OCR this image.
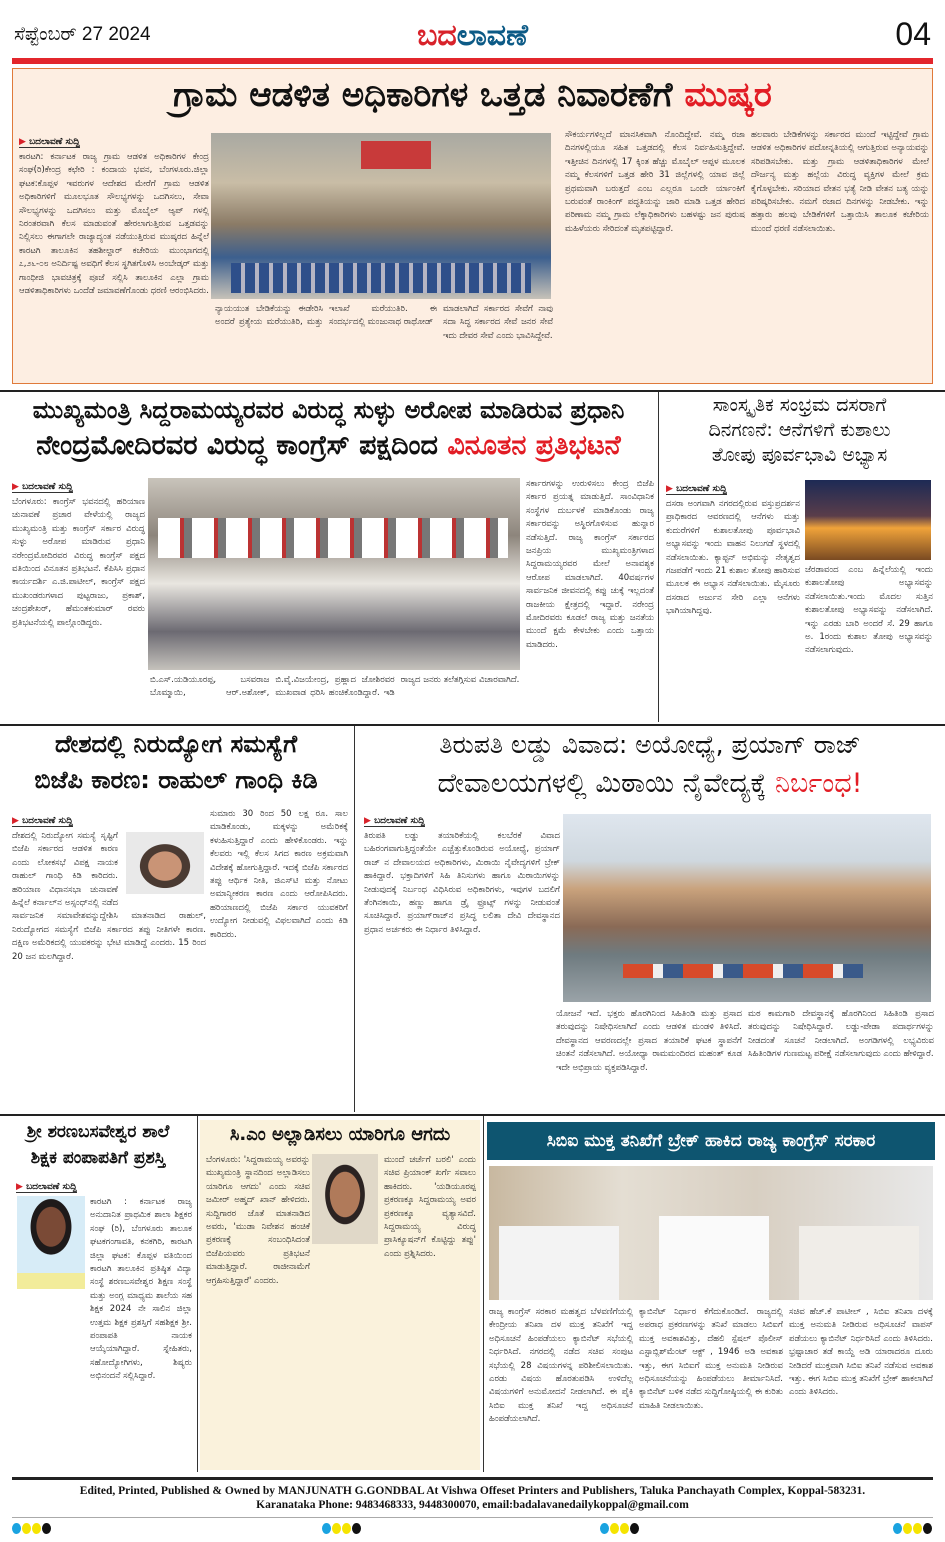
ಸೆಪ್ಟೆಂಬರ್ 27 2024	ಬದಲಾವಣೆ	04
ಗ್ರಾಮ ಆಡಳಿತ ಅಧಿಕಾರಿಗಳ ಒತ್ತಡ ನಿವಾರಣೆಗೆ ಮುಷ್ಕರ
▶ ಬದಲಾವಣೆ ಸುದ್ದಿ
ಕಾರಟಗಿ: ಕರ್ನಾಟಕ ರಾಜ್ಯ ಗ್ರಾಮ ಆಡಳಿತ ಅಧಿಕಾರಿಗಳ ಕೇಂದ್ರ ಸಂಘ(ರಿ)ಕೇಂದ್ರ ಕಛೇರಿ : ಕಂದಾಯ ಭವನ, ಬೆಂಗಳೂರು.ಜಿಲ್ಲಾ ಘಟಕ:ಕೊಪ್ಪಳ ಇವರುಗಳ ಆದೇಶದ ಮೇರೆಗೆ ಗ್ರಾಮ ಆಡಳಿತ ಅಧಿಕಾರಿಗಳಿಗೆ ಮೂಲಭೂತ ಸೌಲಭ್ಯಗಳನ್ನು ಒದಗಿಸಲು, ಸೇವಾ ಸೌಲಭ್ಯಗಳನ್ನು ಒದಗಿಸಲು ಮತ್ತು ಮೊಬೈಲ್ ಆ್ಯಪ್ ಗಳಲ್ಲಿ ನಿರಂತರವಾಗಿ ಕೆಲಸ ಮಾಡುವಂತೆ ಹೇರಲಾಗುತ್ತಿರುವ ಒತ್ತಡವನ್ನು ನಿಲ್ಲಿಸಲು ಈಗಾಗಲೇ ರಾಜ್ಯಾದ್ಯಂತ ನಡೆಯುತ್ತಿರುವ ಮುಷ್ಕರದ ಹಿನ್ನೆಲೆ ಕಾರಟಗಿ ತಾಲೂಕಿನ ತಹಶೀಲ್ದಾರ್ ಕಚೇರಿಯ ಮುಂಭಾಗದಲ್ಲಿ ೭,೨೬-೦೮ ಅನಿರ್ದಿಷ್ಟ ಅವಧಿಗೆ ಕೆಲಸ ಸ್ಥಗಿತಗೊಳಿಸಿ ಅಂಬೇಡ್ಕರ್ ಮತ್ತು ಗಾಂಧೀಜಿ ಭಾವಚಿತ್ರಕ್ಕೆ ಪೂಜೆ ಸಲ್ಲಿಸಿ ತಾಲೂಕಿನ ಎಲ್ಲಾ ಗ್ರಾಮ ಆಡಳಿತಾಧಿಕಾರಿಗಳು ಒಂದೆಡೆ ಜಮಾವಣೆಗೊಂಡು ಧರಣಿ ಆರಂಭಿಸಿದರು.
ನ್ಯಾಯಯುತ ಬೇಡಿಕೆಯನ್ನು ಈಡೇರಿಸಿ ಅಂದರೆ ಪ್ರತ್ಯೇಯ ಮರೆಯುತಿರಿ, ಮತ್ತು ಇಲಾಖೆ ಮರೆಯುತಿರಿ. ಈ ಸಂದರ್ಭದಲ್ಲಿ ಮಂಜುನಾಥ ರಾಥೋಡ್
ಮಾಡಲಾಗಿದೆ ಸರ್ಕಾರದ ಸೇವೆಗೆ ನಾವು ಸದಾ ಸಿದ್ಧ ಸರ್ಕಾರದ ಸೇವೆ ಜನರ ಸೇವೆ ಇದು ದೇವರ ಸೇವೆ ಎಂದು ಭಾವಿಸಿದ್ದೇವೆ.
ಸೌಕರ್ಯಗಳಿಲ್ಲದೆ ಮಾನಸಿಕವಾಗಿ ನೊಂದಿದ್ದೇವೆ. ನಮ್ಮ ರಜಾ ದಿನಗಳಲ್ಲಿಯೂ ಸಹಿತ ಒತ್ತಡದಲ್ಲಿ ಕೆಲಸ ನಿರ್ವಹಿಸುತ್ತಿದ್ದೇವೆ. ಇತ್ತೀಚಿನ ದಿನಗಳಲ್ಲಿ 17 ಕ್ಕಿಂತ ಹೆಚ್ಚು ಮೊಬೈಲ್ ಆಪ್ಪಳ ಮೂಲಕ ನಮ್ಮ ಕೆಲಸಗಳಿಗೆ ಒತ್ತಡ ಹೇರಿ 31 ಜಿಲ್ಲೆಗಳಲ್ಲಿ ಯಾವ ಜಿಲ್ಲೆ ಪ್ರಥಮವಾಗಿ ಬರುತ್ತದೆ ಎಂಬ ಎಲ್ಲರೂ ಒಂದೇ ರ್ಯಾಂಕಿಗೆ ಬರುವಂತೆ ರಾಂಕಿಂಗ್ ಪದ್ಧತಿಯನ್ನು ಜಾರಿ ಮಾಡಿ ಒತ್ತಡ ಹೇರಿದ ಪರಿಣಾಮ ನಮ್ಮ ಗ್ರಾಮ ಲೆಕ್ಕಾಧಿಕಾರಿಗಳು ಬಹಳಷ್ಟು ಜನ ಪುರುಷ ಮಹಿಳೆಯರು ಸೇರಿದಂತೆ ಮೃತಪಟ್ಟಿದ್ದಾರೆ.
ಹಲವಾರು ಬೇಡಿಕೆಗಳನ್ನು ಸರ್ಕಾರದ ಮುಂದೆ ಇಟ್ಟಿದ್ದೇವೆ ಗ್ರಾಮ ಆಡಳಿತ ಅಧಿಕಾರಿಗಳ ಪದೋನ್ನತಿಯಲ್ಲಿ ಆಗುತ್ತಿರುವ ಅನ್ಯಾಯವನ್ನು ಸರಿಪಡಿಸಬೇಕು. ಮತ್ತು ಗ್ರಾಮ ಆಡಳಿತಾಧಿಕಾರಿಗಳ ಮೇಲೆ ದೌರ್ಜನ್ಯ ಮತ್ತು ಹಲ್ಲೆಯ ವಿರುದ್ಧ ವ್ಯಕ್ತಿಗಳ ಮೇಲೆ ಕ್ರಮ ಕೈಗೊಳ್ಳಬೇಕು. ಸರಿಯಾದ ವೇತನ ಭತ್ಯೆ ನೀಡಿ ವೇತನ ಬತ್ಯ ಯನ್ನು ಪರಿಷ್ಕರಿಸಬೇಕು. ನಮಗೆ ರಜಾದ ದಿನಗಳನ್ನು ನೀಡಬೇಕು. ಇನ್ನು ಹತ್ತಾರು ಹಲವು ಬೇಡಿಕೆಗಳಿಗೆ ಒತ್ತಾಯಿಸಿ ತಾಲೂಕ ಕಚೇರಿಯ ಮುಂದೆ ಧರಣಿ ನಡೆಸಲಾಯಿತು.
ಮುಖ್ಯಮಂತ್ರಿ ಸಿದ್ದರಾಮಯ್ಯರವರ ವಿರುದ್ಧ ಸುಳ್ಳು ಅರೋಪ ಮಾಡಿರುವ ಪ್ರಧಾನಿ
ನೇಂದ್ರಮೋದಿರವರ ವಿರುದ್ಧ ಕಾಂಗ್ರೆಸ್ ಪಕ್ಷದಿಂದ ವಿನೂತನ ಪ್ರತಿಭಟನೆ
▶ ಬದಲಾವಣೆ ಸುದ್ದಿ
ಬೆಂಗಳೂರು: ಕಾಂಗ್ರೆಸ್ ಭವನದಲ್ಲಿ ಹರಿಯಾಣ ಚುನಾವಣೆ ಪ್ರಚಾರ ವೇಳೆಯಲ್ಲಿ ರಾಜ್ಯದ ಮುಖ್ಯಮಂತ್ರಿ ಮತ್ತು ಕಾಂಗ್ರೆಸ್ ಸರ್ಕಾರ ವಿರುದ್ಧ ಸುಳ್ಳು ಅರೋಪ ಮಾಡಿರುವ ಪ್ರಧಾನಿ ನರೇಂದ್ರಮೋದಿರವರ ವಿರುದ್ಧ ಕಾಂಗ್ರೆಸ್ ಪಕ್ಷದ ವತಿಯಿಂದ ವಿನೂತನ ಪ್ರತಿಭಟನೆ. ಕೆಪಿಸಿಸಿ ಪ್ರಧಾನ ಕಾರ್ಯದರ್ಶಿ ಎ.ಜಿ.ಪಾಟೀಲ್, ಕಾಂಗ್ರೆಸ್ ಪಕ್ಷದ ಮುಖಂಡರುಗಳಾದ ಪುಟ್ಟರಾಜು, ಪ್ರಕಾಶ್, ಚಂದ್ರಶೇಖರ್, ಹೆಮಂತಕುಮಾರ್ ರವರು ಪ್ರತಿಭಟನೆಯಲ್ಲಿ ಪಾಲ್ಗೊಂಡಿದ್ದರು.
ಬಿ.ಎಸ್.ಯಡಿಯೂರಪ್ಪ, ಬಸವರಾಜ ಬೊಮ್ಮಾಯಿ, ಆರ್.ಅಶೋಕ್, ಬಿ.ವೈ.ವಿಜಯೇಂದ್ರ, ಪ್ರಹ್ಲಾದ ಜೋಶಿರವರ ಮುಖವಾಡ ಧರಿಸಿ ಹಂಚಿಕೊಂಡಿದ್ದಾರೆ. ಇಡಿ ರಾಜ್ಯದ ಜನರು ತಲೆತಗ್ಗಿಸುವ ವಿಚಾರವಾಗಿದೆ.
ಸರ್ಕಾರಗಳನ್ನು ಉರುಳಿಸಲು ಕೇಂದ್ರ ಬಿಜೆಪಿ ಸರ್ಕಾರ ಪ್ರಯತ್ನ ಮಾಡುತ್ತಿದೆ. ಸಾಂವಿಧಾನಿಕ ಸಂಸ್ಥೆಗಳ ದುರ್ಬಳಕೆ ಮಾಡಿಕೊಂಡು ರಾಜ್ಯ ಸರ್ಕಾರವನ್ನು ಅಸ್ಥಿರಗೊಳಿಸುವ ಹುನ್ನಾರ ನಡೆಸುತ್ತಿದೆ. ರಾಜ್ಯ ಕಾಂಗ್ರೆಸ್ ಸರ್ಕಾರದ ಜನಪ್ರಿಯ ಮುಖ್ಯಮಂತ್ರಿಗಳಾದ ಸಿದ್ದರಾಮಯ್ಯರವರ ಮೇಲೆ ಅನಾವಶ್ಯಕ ಆರೋಪ ಮಾಡಲಾಗಿದೆ. 40ವರ್ಷಗಳ ಸಾರ್ವಜನಿಕ ಜೀವನದಲ್ಲಿ ಕಪ್ಪು ಚುಕ್ಕೆ ಇಲ್ಲದಂತೆ ರಾಜಕೀಯ ಕ್ಷೇತ್ರದಲ್ಲಿ ಇದ್ದಾರೆ. ನರೇಂದ್ರ ಮೋದಿರವರು ಕೂಡಲೆ ರಾಜ್ಯ ಮತ್ತು ಜನತೆಯ ಮುಂದೆ ಕ್ಷಮೆ ಕೇಳಬೇಕು ಎಂದು ಒತ್ತಾಯ ಮಾಡಿದರು.
ಸಾಂಸ್ಕೃತಿಕ ಸಂಭ್ರಮ ದಸರಾಗೆ
ದಿನಗಣನೆ: ಆನೆಗಳಿಗೆ ಕುಶಾಲು
ತೋಪು ಪೂರ್ವಭಾವಿ ಅಭ್ಯಾಸ
▶ ಬದಲಾವಣೆ ಸುದ್ದಿ
ದಸರಾ ಅಂಗವಾಗಿ ನಗರದಲ್ಲಿರುವ ವಸ್ತುಪ್ರದರ್ಶನ ಪ್ರಾಧಿಕಾರದ ಆವರಣದಲ್ಲಿ ಆನೆಗಳು ಮತ್ತು ಕುದುರೆಗಳಿಗೆ ಕುಶಾಲತೋಪು ಪೂರ್ವಭಾವಿ ಅಭ್ಯಾಸವನ್ನು ಇಂದು ವಾಹನ ನಿಲುಗಡೆ ಸ್ಥಳದಲ್ಲಿ ನಡೆಸಲಾಯಿತು. ಕ್ಯಾಪ್ಟನ್ ಅಭಿಮನ್ಯು ನೇತೃತ್ವದ ಗಜಪಡೆಗೆ ಇಂದು 21 ಕುಶಾಲ ತೋಪು ಹಾರಿಸುವ ಮೂಲಕ ಈ ಅಭ್ಯಾಸ ನಡೆಸಲಾಯಿತು. ಮೈಸೂರು ದಸರಾದ ಅರ್ಜುನ ಸೇರಿ ಎಲ್ಲಾ ಆನೆಗಳು ಭಾಗಿಯಾಗಿದ್ದವು.
ಜೆರಡಾವಂದ ಎಂಬ ಹಿನ್ನೆಲೆಯಲ್ಲಿ ಇಂದು ಕುಶಾಲತೋಪು ಅಭ್ಯಾಸವನ್ನು ನಡೆಸಲಾಯಿತು.ಇಂದು ಮೊದಲ ಸುತ್ತಿನ ಕುಶಾಲತೋಪು ಅಭ್ಯಾಸವನ್ನು ನಡೆಸಲಾಗಿದೆ. ಇನ್ನು ಎರಡು ಬಾರಿ ಅಂದರೆ ಸೆ. 29 ಹಾಗೂ ಅ. 1ರಂದು ಕುಶಾಲ ತೋಪು ಅಭ್ಯಾಸವನ್ನು ನಡೆಸಲಾಗುವುದು.
ದೇಶದಲ್ಲಿ ನಿರುದ್ಯೋಗ ಸಮಸ್ಯೆಗೆ
ಬಿಜೆಪಿ ಕಾರಣ: ರಾಹುಲ್ ಗಾಂಧಿ ಕಿಡಿ
▶ ಬದಲಾವಣೆ ಸುದ್ದಿ
ದೇಶದಲ್ಲಿ ನಿರುದ್ಯೋಗ ಸಮಸ್ಯೆ ಸೃಷ್ಟಿಗೆ ಬಿಜೆಪಿ ಸರ್ಕಾರದ ಆಡಳಿತ ಕಾರಣ ಎಂದು ಲೋಕಸಭೆ ವಿಪಕ್ಷ ನಾಯಕ ರಾಹುಲ್ ಗಾಂಧಿ ಕಿಡಿ ಕಾರಿದರು. ಹರಿಯಾಣ ವಿಧಾನಸಭಾ ಚುನಾವಣೆ ಹಿನ್ನೆಲೆ ಕರ್ನಾಲ್‌ನ ಅಸ್ಸಂಧ್‌ನಲ್ಲಿ ನಡೆದ ಸಾರ್ವಜನಿಕ ಸಮಾವೇಶವನ್ನುದ್ದೇಶಿಸಿ ಮಾತನಾಡಿದ ರಾಹುಲ್, ನಿರುದ್ಯೋಗದ ಸಮಸ್ಯೆಗೆ ಬಿಜೆಪಿ ಸರ್ಕಾರದ ತಪ್ಪು ನೀತಿಗಳೇ ಕಾರಣ. ದಕ್ಷಿಣ ಅಮೆರಿಕದಲ್ಲಿ ಯುವಕರನ್ನು ಭೇಟಿ ಮಾಡಿದ್ದೆ ಎಂದರು. 15 ರಿಂದ 20 ಜನ ಮಲಗಿದ್ದಾರೆ.
ಸುಮಾರು 30 ರಿಂದ 50 ಲಕ್ಷ ರೂ. ಸಾಲ ಮಾಡಿಕೊಂಡು, ಮಕ್ಕಳನ್ನು ಅಮೆರಿಕಕ್ಕೆ ಕಳುಹಿಸುತ್ತಿದ್ದಾರೆ ಎಂದು ಹೇಳಿಕೊಂಡರು. ಇನ್ನು ಕೆಲವರು ಇಲ್ಲಿ ಕೆಲಸ ಸಿಗದ ಕಾರಣ ಅಕ್ರಮವಾಗಿ ವಿದೇಶಕ್ಕೆ ಹೋಗುತ್ತಿದ್ದಾರೆ. ಇದಕ್ಕೆ ಬಿಜೆಪಿ ಸರ್ಕಾರದ ತಪ್ಪು ಆರ್ಥಿಕ ನೀತಿ, ಜಿಎಸ್‌ಟಿ ಮತ್ತು ನೋಟು ಅಮಾನ್ಯೀಕರಣ ಕಾರಣ ಎಂದು ಆರೋಪಿಸಿದರು. ಹರಿಯಾಣದಲ್ಲಿ ಬಿಜೆಪಿ ಸರ್ಕಾರ ಯುವಕರಿಗೆ ಉದ್ಯೋಗ ನೀಡುವಲ್ಲಿ ವಿಫಲವಾಗಿದೆ ಎಂದು ಕಿಡಿ ಕಾರಿದರು.
ತಿರುಪತಿ ಲಡ್ಡು ವಿವಾದ: ಅಯೋಧ್ಯೆ, ಪ್ರಯಾಗ್ ರಾಜ್
ದೇವಾಲಯಗಳಲ್ಲಿ ಮಿಠಾಯಿ ನೈವೇದ್ಯಕ್ಕೆ ನಿರ್ಬಂಧ!
▶ ಬದಲಾವಣೆ ಸುದ್ದಿ
ತಿರುಪತಿ ಲಡ್ಡು ತಯಾರಿಕೆಯಲ್ಲಿ ಕಲಬೆರಕೆ ವಿವಾದ ಬಹಿರಂಗವಾಗುತ್ತಿದ್ದಂತೆಯೇ ಎಚ್ಚೆತ್ತುಕೊಂಡಿರುವ ಅಯೋಧ್ಯೆ, ಪ್ರಯಾಗ್ ರಾಜ್ ನ ದೇವಾಲಯದ ಅಧಿಕಾರಿಗಳು, ಮಿಠಾಯಿ ನೈವೇದ್ಯಗಳಿಗೆ ಬ್ರೇಕ್ ಹಾಕಿದ್ದಾರೆ. ಭಕ್ತಾದಿಗಳಿಗೆ ಸಿಹಿ ತಿನಿಸುಗಳು ಹಾಗೂ ಮಿಠಾಯಿಗಳನ್ನು ನೀಡುವುದಕ್ಕೆ ನಿರ್ಬಂಧ ವಿಧಿಸಿರುವ ಅಧಿಕಾರಿಗಳು, ಇವುಗಳ ಬದಲಿಗೆ ತೆಂಗಿನಕಾಯಿ, ಹಣ್ಣು ಹಾಗೂ ಡ್ರೈ ಫ್ರೂಟ್ಸ್ ಗಳನ್ನು ನೀಡುವಂತೆ ಸೂಚಿಸಿದ್ದಾರೆ. ಪ್ರಯಾಗ್‌ರಾಜ್‌ನ ಪ್ರಸಿದ್ಧ ಲಲಿತಾ ದೇವಿ ದೇವಸ್ಥಾನದ ಪ್ರಧಾನ ಅರ್ಚಕರು ಈ ನಿರ್ಧಾರ ತಿಳಿಸಿದ್ದಾರೆ.
ಯೋಜನೆ ಇದೆ. ಭಕ್ತರು ಹೊರಗಿನಿಂದ ಸಿಹಿತಿಂಡಿ ಮತ್ತು ಪ್ರಸಾದ ತರುವುದನ್ನು ನಿಷೇಧಿಸಲಾಗಿದೆ ಎಂದು ಆಡಳಿತ ಮಂಡಳಿ ತಿಳಿಸಿದೆ. ದೇವಸ್ಥಾನದ ಆವರಣದಲ್ಲೇ ಪ್ರಸಾದ ತಯಾರಿಕೆ ಘಟಕ ಸ್ಥಾಪನೆಗೆ ಚಿಂತನೆ ನಡೆಸಲಾಗಿದೆ. ಅಯೋಧ್ಯಾ ರಾಮಮಂದಿರದ ಮಹಂತ್ ಕೂಡ ಇದೇ ಅಭಿಪ್ರಾಯ ವ್ಯಕ್ತಪಡಿಸಿದ್ದಾರೆ.
ಮಠ ಕಾಮಗಾರಿ ದೇವಸ್ಥಾನಕ್ಕೆ ಹೊರಗಿನಿಂದ ಸಿಹಿತಿಂಡಿ ಪ್ರಸಾದ ತರುವುದನ್ನು ನಿಷೇಧಿಸಿದ್ದಾರೆ. ಲಡ್ಡು-ಪೇಡಾ ಪದಾರ್ಥಗಳನ್ನು ನೀಡದಂತೆ ಸೂಚನೆ ನೀಡಲಾಗಿದೆ. ಅಂಗಡಿಗಳಲ್ಲಿ ಲಭ್ಯವಿರುವ ಸಿಹಿತಿಂಡಿಗಳ ಗುಣಮಟ್ಟ ಪರೀಕ್ಷೆ ನಡೆಸಲಾಗುವುದು ಎಂದು ಹೇಳಿದ್ದಾರೆ.
ಶ್ರೀ ಶರಣಬಸವೇಶ್ವರ ಶಾಲೆ
ಶಿಕ್ಷಕ ಪಂಪಾಪತಿಗೆ ಪ್ರಶಸ್ತಿ
▶ ಬದಲಾವಣೆ ಸುದ್ದಿ
ಕಾರಟಗಿ : ಕರ್ನಾಟಕ ರಾಜ್ಯ ಅನುದಾನಿತ ಪ್ರಾಥಮಿಕ ಶಾಲಾ ಶಿಕ್ಷಕರ ಸಂಘ (ರಿ), ಬೆಂಗಳೂರು ತಾಲೂಕ ಘಟಕಗಂಗಾವತಿ, ಕನಕಗಿರಿ, ಕಾರಟಗಿ ಜಿಲ್ಲಾ ಘಟಕ: ಕೊಪ್ಪಳ ವತಿಯಿಂದ ಕಾರಟಗಿ ತಾಲೂಕಿನ ಪ್ರತಿಷ್ಠಿತ ವಿದ್ಯಾ ಸಂಸ್ಥೆ ಶರಣಬಸವೇಶ್ವರ ಶಿಕ್ಷಣ ಸಂಸ್ಥೆ ಮತ್ತು ಅಂಗ್ಲ ಮಾಧ್ಯಮ ಶಾಲೆಯ ಸಹ ಶಿಕ್ಷಕ 2024 ನೇ ಸಾಲಿನ ಜಿಲ್ಲಾ ಉತ್ತಮ ಶಿಕ್ಷಕ ಪ್ರಶಸ್ತಿಗೆ ಸಹಶಿಕ್ಷಕ ಶ್ರೀ. ಪಂಪಾಪತಿ ನಾಯಕ ಆಯ್ಕೆಯಾಗಿದ್ದಾರೆ. ಸ್ನೇಹಿತರು, ಸಹೋದ್ಯೋಗಿಗಳು, ಶಿಷ್ಯರು ಅಭಿನಂದನೆ ಸಲ್ಲಿಸಿದ್ದಾರೆ.
ಸಿ.ಎಂ ಅಲ್ಲಾಡಿಸಲು ಯಾರಿಗೂ ಆಗದು
ಬೆಂಗಳೂರು: 'ಸಿದ್ದರಾಮಯ್ಯ ಅವರನ್ನು ಮುಖ್ಯಮಂತ್ರಿ ಸ್ಥಾನದಿಂದ ಅಲ್ಲಾಡಿಸಲು ಯಾರಿಗೂ ಆಗದು' ಎಂದು ಸಚಿವ ಜಮೀರ್ ಅಹ್ಮದ್ ಖಾನ್ ಹೇಳಿದರು. ಸುದ್ದಿಗಾರರ ಜೊತೆ ಮಾತನಾಡಿದ ಅವರು, 'ಮುಡಾ ನಿವೇಶನ ಹಂಚಿಕೆ ಪ್ರಕರಣಕ್ಕೆ ಸಂಬಂಧಿಸಿದಂತೆ ಬಿಜೆಪಿಯವರು ಪ್ರತಿಭಟನೆ ಮಾಡುತ್ತಿದ್ದಾರೆ. ರಾಜೀನಾಮೆಗೆ ಆಗ್ರಹಿಸುತ್ತಿದ್ದಾರೆ' ಎಂದರು.
ಮುಂದೆ ಚರ್ಚೆಗೆ ಬರಲಿ' ಎಂದು ಸಚಿವ ಪ್ರಿಯಾಂಕ್ ಖರ್ಗೆ ಸವಾಲು ಹಾಕಿದರು. 'ಯಡಿಯೂರಪ್ಪ ಪ್ರಕರಣಕ್ಕೂ ಸಿದ್ದರಾಮಯ್ಯ ಅವರ ಪ್ರಕರಣಕ್ಕೂ ವ್ಯತ್ಯಾಸವಿದೆ. ಸಿದ್ದರಾಮಯ್ಯ ವಿರುದ್ಧ ಪ್ರಾಸಿಕ್ಯೂಷನ್‌ಗೆ ಕೊಟ್ಟಿದ್ದು ತಪ್ಪು' ಎಂದು ಪ್ರಶ್ನಿಸಿದರು.
ಸಿಬಿಐ ಮುಕ್ತ ತನಿಖೆಗೆ ಬ್ರೇಕ್ ಹಾಕಿದ ರಾಜ್ಯ ಕಾಂಗ್ರೆಸ್ ಸರಕಾರ
ರಾಜ್ಯ ಕಾಂಗ್ರೆಸ್ ಸರಕಾರ ಮಹತ್ವದ ಬೆಳವಣಿಗೆಯಲ್ಲಿ ಕೇಂದ್ರೀಯ ತನಿಖಾ ದಳ ಮುಕ್ತ ತನಿಖೆಗೆ ಇದ್ದ ಅಧಿಸೂಚನೆ ಹಿಂಪಡೆಯಲು ಕ್ಯಾಬಿನೆಟ್ ಸಭೆಯಲ್ಲಿ ನಿರ್ಧರಿಸಿದೆ. ನಗರದಲ್ಲಿ ನಡೆದ ಸಚಿವ ಸಂಪುಟ ಸಭೆಯಲ್ಲಿ 28 ವಿಷಯಗಳನ್ನ ಪರಿಶೀಲಿಸಲಾಯಿತು. ಎರಡು ವಿಷಯ ಹೊರತುಪಡಿಸಿ ಉಳಿದೆಲ್ಲ ವಿಷಯಗಳಿಗೆ ಅನುಮೋದನೆ ನೀಡಲಾಗಿದೆ. ಈ ಪೈಕಿ ಸಿಬಿಐ ಮುಕ್ತ ತನಿಖೆ ಇದ್ದ ಅಧಿಸೂಚನೆ ಹಿಂಪಡೆಯಲಾಗಿದೆ.
ಕ್ಯಾಬಿನೆಟ್ ನಿರ್ಧಾರ ಕೆಗೆದುಕೊಂಡಿದೆ. ರಾಜ್ಯದಲ್ಲಿ ಅಪರಾಧ ಪ್ರಕರಣಗಳನ್ನು ತನಿಖೆ ಮಾಡಲು ಸಿಬಿಐಗೆ ಮುಕ್ತ ಅವಕಾಶವಿತ್ತು, ದೆಹಲಿ ಸ್ಪೆಷಲ್ ಪೊಲೀಸ್ ಎಸ್ಟಾಬ್ಲಿಶ್‌ಮೆಂಟ್ ಆಕ್ಟ್ , 1946 ಅಡಿ ಅವಕಾಶ ಇತ್ತು, ಈಗ ಸಿಬಿಐಗೆ ಮುಕ್ತ ಅನುಮತಿ ನೀಡಿರುವ ಅಧಿಸೂಚನೆಯನ್ನು ಹಿಂಪಡೆಯಲು ತೀರ್ಮಾನಿಸಿದೆ. ಕ್ಯಾಬಿನೆಟ್ ಬಳಿಕ ನಡೆದ ಸುದ್ದಿಗೋಷ್ಠಿಯಲ್ಲಿ ಈ ಕುರಿತು ಮಾಹಿತಿ ನೀಡಲಾಯಿತು.
ಸಚಿವ ಹೆಚ್.ಕೆ ಪಾಟೀಲ್ , ಸಿಬಿಐ ತನಿಖಾ ದಳಕ್ಕೆ ಮುಕ್ತ ಅನುಮತಿ ನೀಡಿರುವ ಅಧಿಸೂಚನೆ ವಾಪಸ್ ಪಡೆಯಲು ಕ್ಯಾಬಿನೆಟ್ ನಿರ್ಧರಿಸಿದೆ ಎಂದು ತಿಳಿಸಿದರು. ಭ್ರಷ್ಟಾಚಾರ ತಡೆ ಕಾಯ್ದೆ ಅಡಿ ಯಾರಾದರೂ ದೂರು ನೀಡಿದರೆ ಮುಕ್ತವಾಗಿ ಸಿಬಿಐ ತನಿಖೆ ನಡೆಸುವ ಅವಕಾಶ ಇತ್ತು. ಈಗ ಸಿಬಿಐ ಮುಕ್ತ ತನಿಖೆಗೆ ಬ್ರೇಕ್ ಹಾಕಲಾಗಿದೆ ಎಂದು ತಿಳಿಸಿದರು.
Edited, Printed, Published & Owned by MANJUNATH G.GONDBAL At Vishwa Offeset Printers and Publishers, Taluka Panchayath Complex, Koppal-583231.
Karanataka Phone: 9483468333, 9448300070, email:badalavanedailykoppal@gmail.com
